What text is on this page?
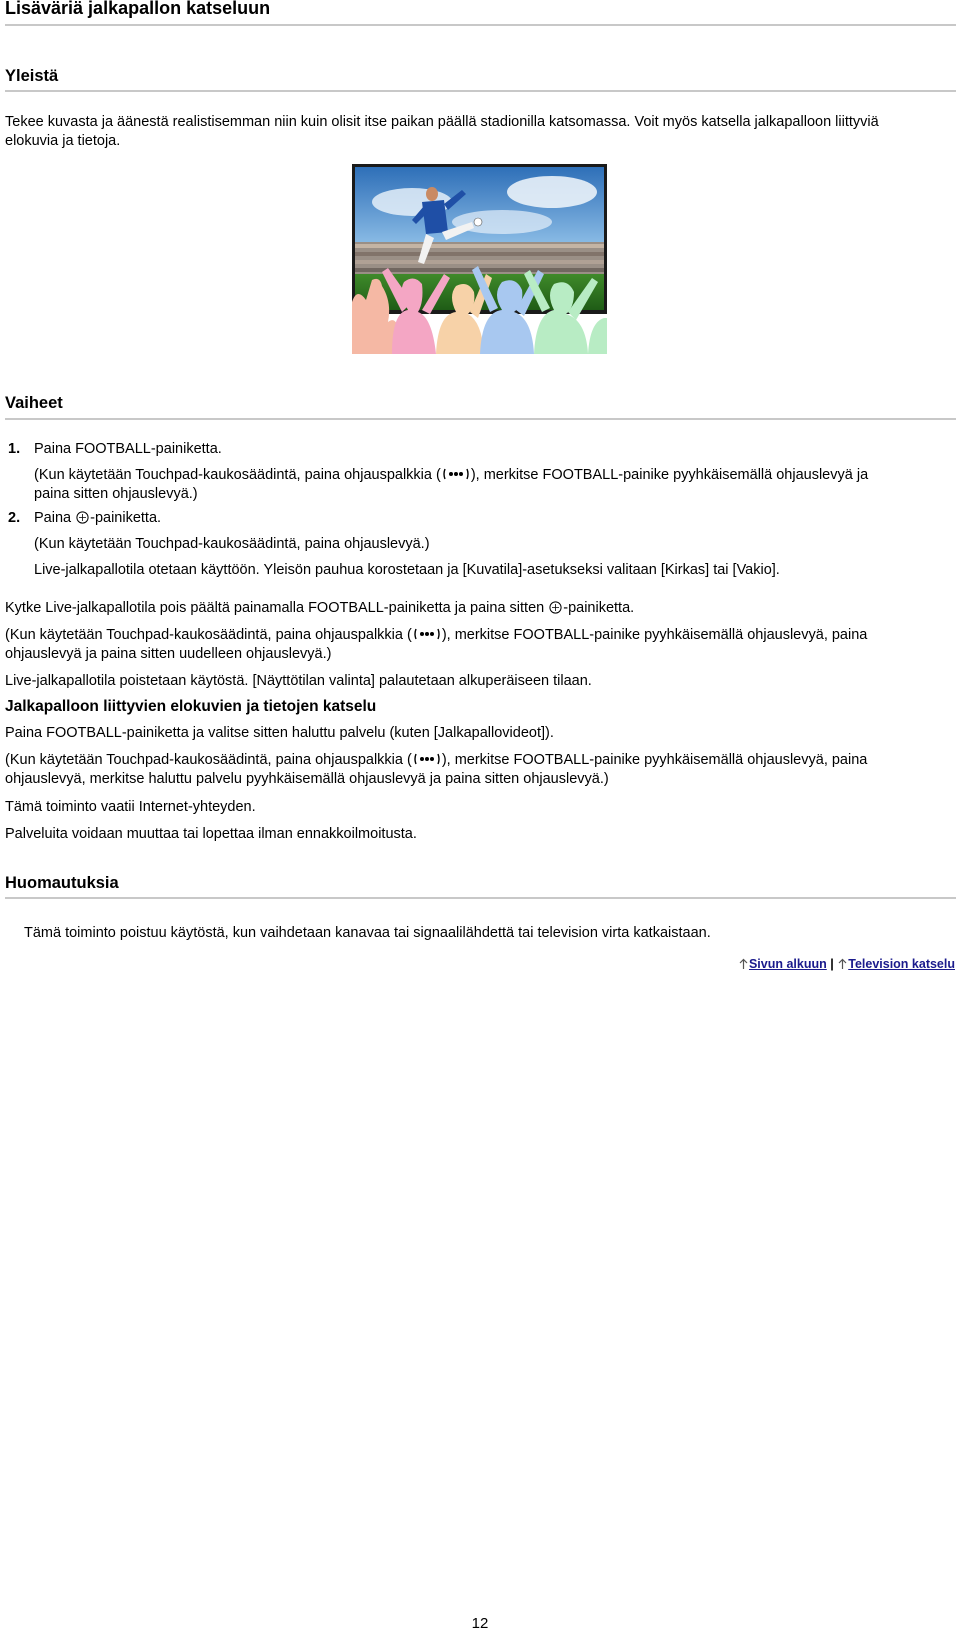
Lisäväriä jalkapallon katseluun
Yleistä
Tekee kuvasta ja äänestä realistisemman niin kuin olisit itse paikan päällä stadionilla katsomassa. Voit myös katsella jalkapalloon liittyviä
elokuvia ja tietoja.
Vaiheet
1. Paina FOOTBALL-painiketta.
(Kun käytetään Touchpad-kaukosäädintä, paina ohjauspalkkia ( ), merkitse FOOTBALL-painike pyyhkäisemällä ohjauslevyä ja
paina sitten ohjauslevyä.)
2. Paina -painiketta.
(Kun käytetään Touchpad-kaukosäädintä, paina ohjauslevyä.)
Live-jalkapallotila otetaan käyttöön. Yleisön pauhua korostetaan ja [Kuvatila]-asetukseksi valitaan [Kirkas] tai [Vakio].
Kytke Live-jalkapallotila pois päältä painamalla FOOTBALL-painiketta ja paina sitten -painiketta.
(Kun käytetään Touchpad-kaukosäädintä, paina ohjauspalkkia ( ), merkitse FOOTBALL-painike pyyhkäisemällä ohjauslevyä, paina
ohjauslevyä ja paina sitten uudelleen ohjauslevyä.)
Live-jalkapallotila poistetaan käytöstä. [Näyttötilan valinta] palautetaan alkuperäiseen tilaan.
Jalkapalloon liittyvien elokuvien ja tietojen katselu
Paina FOOTBALL-painiketta ja valitse sitten haluttu palvelu (kuten [Jalkapallovideot]).
(Kun käytetään Touchpad-kaukosäädintä, paina ohjauspalkkia ( ), merkitse FOOTBALL-painike pyyhkäisemällä ohjauslevyä, paina
ohjauslevyä, merkitse haluttu palvelu pyyhkäisemällä ohjauslevyä ja paina sitten ohjauslevyä.)
Tämä toiminto vaatii Internet-yhteyden.
Palveluita voidaan muuttaa tai lopettaa ilman ennakkoilmoitusta.
Huomautuksia
Tämä toiminto poistuu käytöstä, kun vaihdetaan kanavaa tai signaalilähdettä tai television virta katkaistaan.
Sivun alkuun | Television katselu
12
